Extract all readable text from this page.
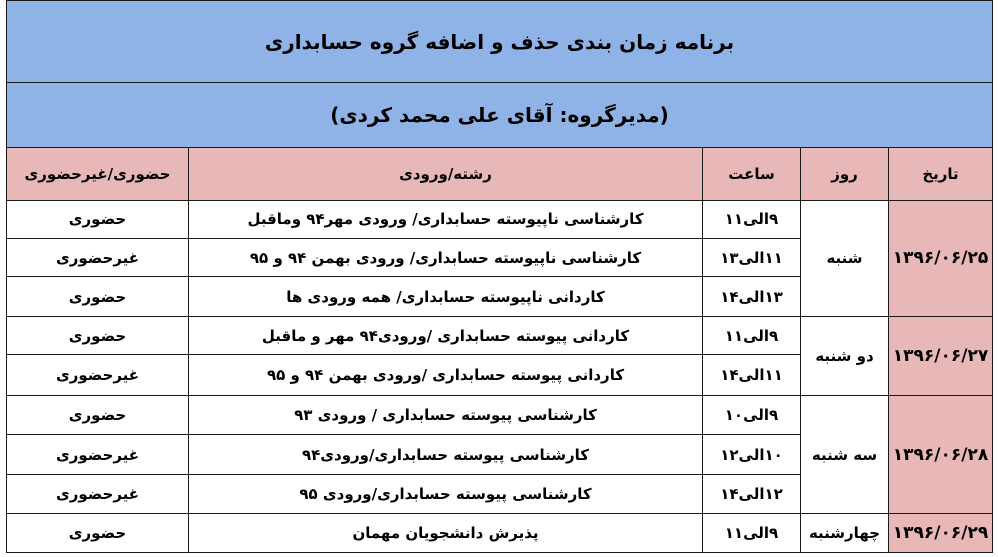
برنامه زمان بندی حذف و اضافه گروه حسابداری				
(مدیرگروه: آقای علی محمد کردی)				
تاریخ	روز	ساعت	رشته/ورودی	حضوری/غیرحضوری
۱۳۹۶/۰۶/۲۵	شنبه	۹الی۱۱	کارشناسی ناپیوسته حسابداری/ ورودی مهر۹۴ وماقبل	حضوری
		۱۱الی۱۳	کارشناسی ناپیوسته حسابداری/ ورودی بهمن ۹۴ و ۹۵	غیرحضوری
		۱۳الی۱۴	کاردانی ناپیوسته حسابداری/ همه ورودی ها	حضوری
۱۳۹۶/۰۶/۲۷	دو شنبه	۹الی۱۱	کاردانی پیوسته حسابداری /ورودی۹۴ مهر و ماقبل	حضوری
		۱۱الی۱۴	کاردانی پیوسته حسابداری /ورودی بهمن ۹۴ و ۹۵	غیرحضوری
۱۳۹۶/۰۶/۲۸	سه شنبه	۹الی۱۰	کارشناسی پیوسته حسابداری / ورودی ۹۳	حضوری
		۱۰الی۱۲	کارشناسی پیوسته حسابداری/ورودی۹۴	غیرحضوری
		۱۲الی۱۴	کارشناسی پیوسته حسابداری/ورودی ۹۵	غیرحضوری
۱۳۹۶/۰۶/۲۹	چهارشنبه	۹الی۱۱	پذیرش دانشجویان مهمان	حضوری
